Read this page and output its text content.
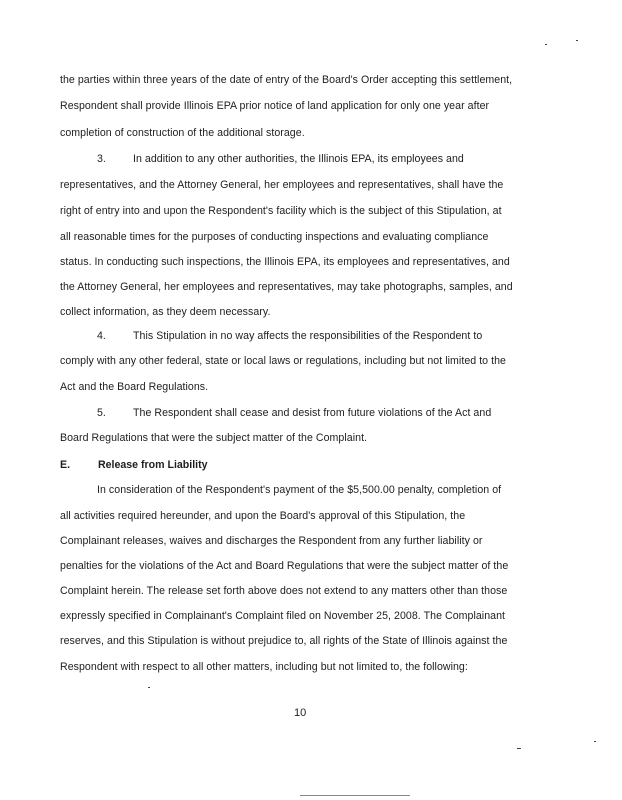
the parties within three years of the date of entry of the Board's Order accepting this settlement,
Respondent shall provide Illinois EPA prior notice of land application for only one year after
completion of construction of the additional storage.
3.	In addition to any other authorities, the Illinois EPA, its employees and
representatives, and the Attorney General, her employees and representatives, shall have the
right of entry into and upon the Respondent's facility which is the subject of this Stipulation, at
all reasonable times for the purposes of conducting inspections and evaluating compliance
status. In conducting such inspections, the Illinois EPA, its employees and representatives, and
the Attorney General, her employees and representatives, may take photographs, samples, and
collect information, as they deem necessary.
4.	This Stipulation in no way affects the responsibilities of the Respondent to
comply with any other federal, state or local laws or regulations, including but not limited to the
Act and the Board Regulations.
5.	The Respondent shall cease and desist from future violations of the Act and
Board Regulations that were the subject matter of the Complaint.
E.	Release from Liability
In consideration of the Respondent's payment of the $5,500.00 penalty, completion of
all activities required hereunder, and upon the Board's approval of this Stipulation, the
Complainant releases, waives and discharges the Respondent from any further liability or
penalties for the violations of the Act and Board Regulations that were the subject matter of the
Complaint herein. The release set forth above does not extend to any matters other than those
expressly specified in Complainant's Complaint filed on November 25, 2008. The Complainant
reserves, and this Stipulation is without prejudice to, all rights of the State of Illinois against the
Respondent with respect to all other matters, including but not limited to, the following:
10
